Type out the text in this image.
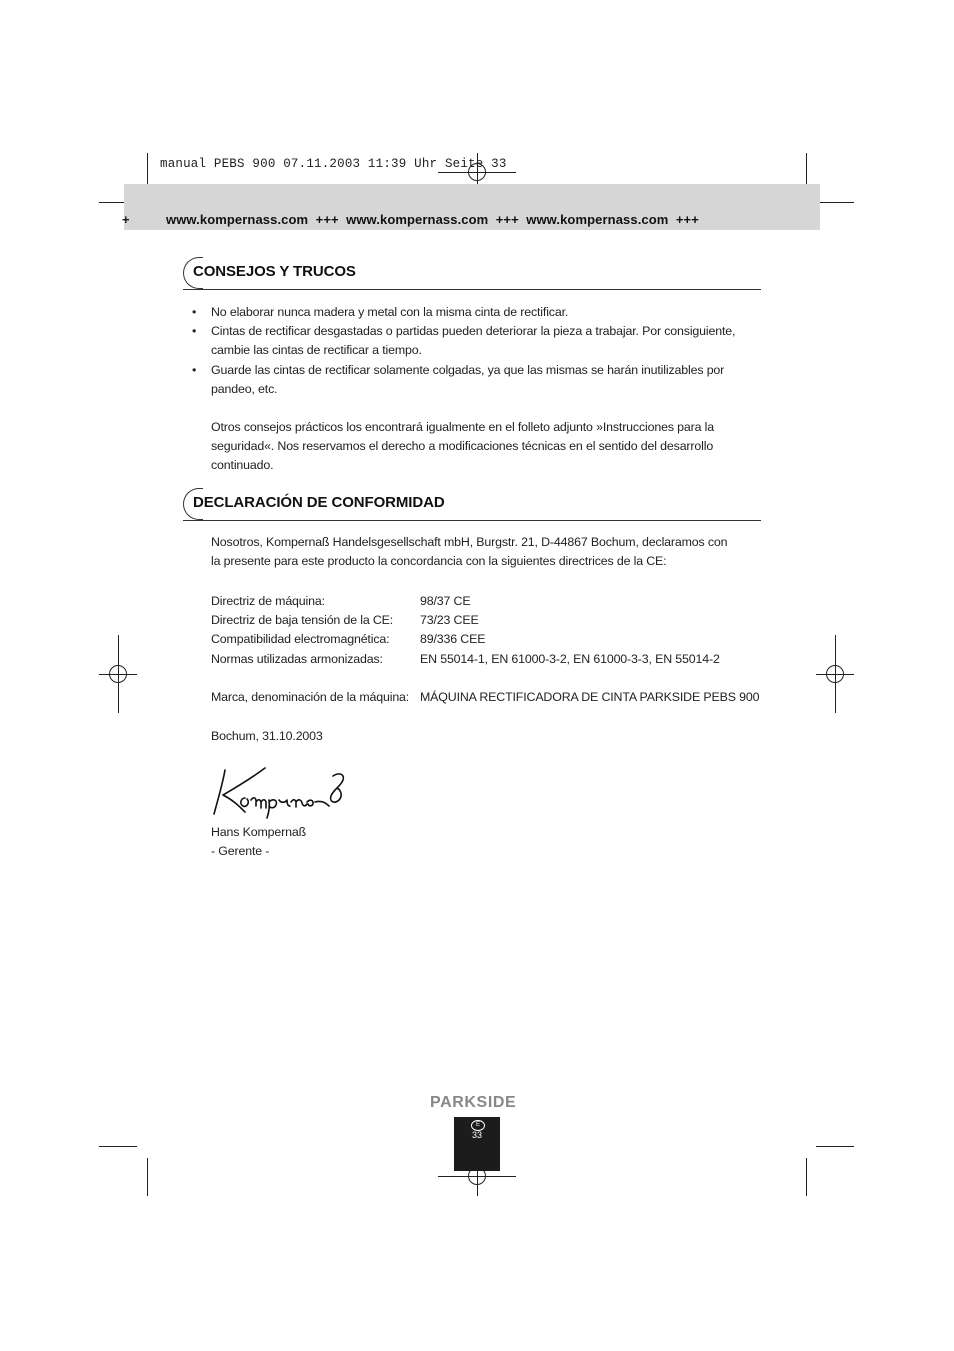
manual PEBS 900 07.11.2003 11:39 Uhr Seite 33
+	www.kompernass.com  +++  www.kompernass.com  +++  www.kompernass.com  +++
CONSEJOS Y TRUCOS
• No elaborar nunca madera y metal con la misma cinta de rectificar.
• Cintas de rectificar desgastadas o partidas pueden deteriorar la pieza a trabajar. Por consiguiente,
cambie las cintas de rectificar a tiempo.
• Guarde las cintas de rectificar solamente colgadas, ya que las mismas se harán inutilizables por
pandeo, etc.

Otros consejos prácticos los encontrará igualmente en el folleto adjunto »Instrucciones para la
seguridad«. Nos reservamos el derecho a modificaciones técnicas en el sentido del desarrollo
continuado.

DECLARACIÓN DE CONFORMIDAD

Nosotros, Kompernaß Handelsgesellschaft mbH, Burgstr. 21, D-44867 Bochum, declaramos con
la presente para este producto la concordancia con la siguientes directrices de la CE:

Directriz de máquina:	98/37 CE
Directriz de baja tensión de la CE:	73/23 CEE
Compatibilidad electromagnética:	89/336 CEE
Normas utilizadas armonizadas:	EN 55014-1, EN 61000-3-2, EN 61000-3-3, EN 55014-2

Marca, denominación de la máquina:	MÁQUINA RECTIFICADORA DE CINTA PARKSIDE PEBS 900
Bochum, 31.10.2003
Hans Kompernaß
- Gerente -
PARKSIDE
E
33
